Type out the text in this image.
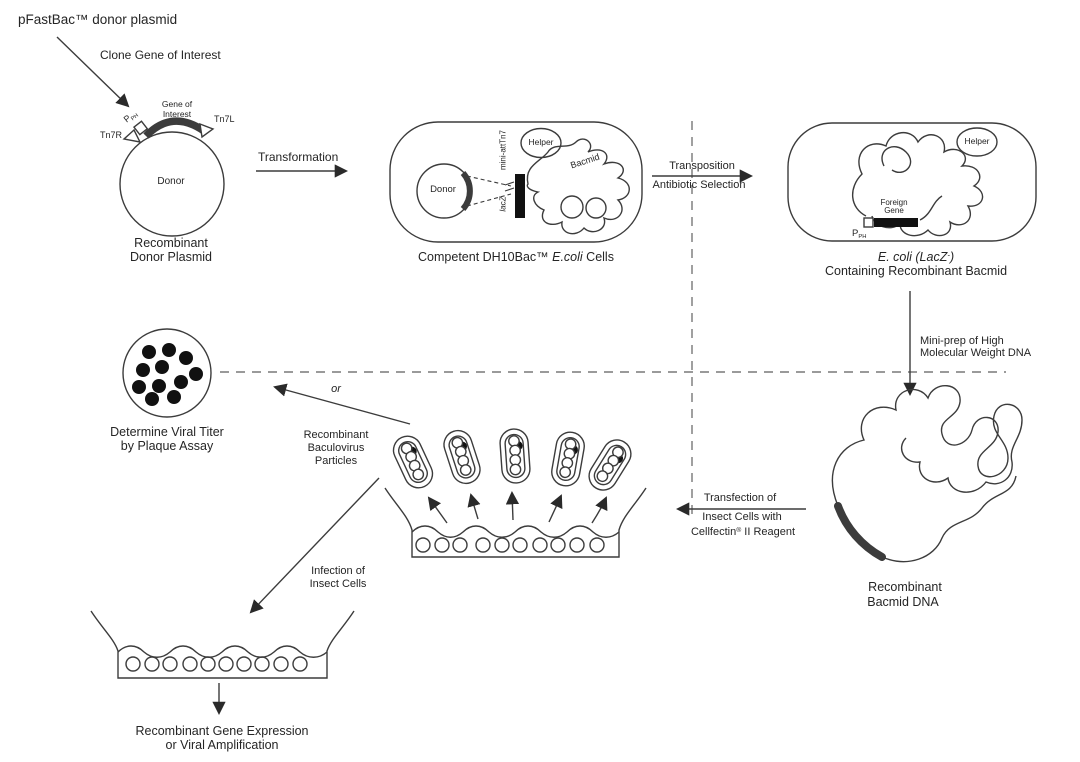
pFastBac™ donor plasmid
Clone Gene of Interest
Gene of
Interest
$P_{PH}$
Tn7R
Tn7L
Donor
Recombinant
Donor Plasmid
Transformation
Donor
mini-attTn7
lacZ
Helper
Bacmid
Competent DH10Bac™ E.coli Cells
Transposition
Antibiotic Selection
Helper
Foreign
Gene
$P_{PH}$
E. coli (LacZ-)
Containing Recombinant Bacmid
Mini-prep of High
Molecular Weight DNA
Recombinant
Bacmid DNA
Transfection of
Insect Cells with
Cellfectin® II Reagent
Determine Viral Titer
by Plaque Assay
or
Recombinant
Baculovirus
Particles
Infection of
Insect Cells
Recombinant Gene Expression
or Viral Amplification
